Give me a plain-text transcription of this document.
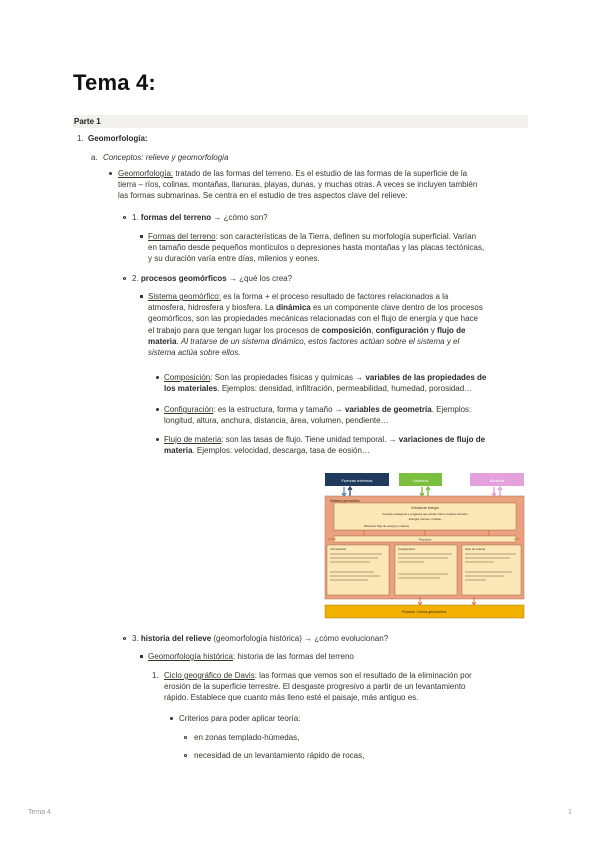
Tema 4:
Parte 1
1. Geomorfología:
a. Conceptos: relieve y geomorfologia
Geomorfología: tratado de las formas del terreno. Es el estudio de las formas de la superficie de la
tierra – ríos, colinas, montañas, llanuras, playas, dunas, y muchas otras. A veces se incluyen también
las formas submarinas. Se centra en el estudio de tres aspectos clave del relieve:
1. formas del terreno → ¿cómo son?
Formas del terreno: son características de la Tierra, definen su morfología superficial. Varían
en tamaño desde pequeños montículos o depresiones hasta montañas y las placas tectónicas,
y su duración varía entre días, milenios y eones.
2. procesos geomórficos → ¿qué los crea?
Sistema geomórfico: es la forma + el proceso resultado de factores relacionados a la
atmosfera, hidrosfera y biosfera. La dinámica es un componente clave dentro de los procesos
geomórficos, son las propiedades mecánicas relacionadas con el flujo de energía y que hace
el trabajo para que tengan lugar los procesos de composición, configuración y flujo de
materia. Al tratarse de un sistema dinámico, estos factores actúan sobre el sistema y el
sistema actúa sobre ellos.
Composición: Son las propiedades físicas y químicas → variables de las propiedades de
los materiales. Ejemplos: densidad, infiltración, permeabilidad, humedad, porosidad…
Configuración: es la estructura, forma y tamaño → variables de geometría. Ejemplos:
longitud, altura, anchura, distancia, área, volumen, pendiente…
Flujo de materia: son las tasas de flujo. Tiene unidad temporal. → variaciones de flujo de
materia. Ejemplos: velocidad, descarga, tasa de eosión…
Fuerzas externas	Litosfera	Biosfera
Sistema geomórfico
Entrada de energía
Fuerzas endógenas y exógenas que actúan sobre el relieve terrestre
Energía, fuerzas y trabajo
Dinámica: flujo de energía y materia
Procesos
Composición	Configuración	Flujo de materia
Proceso / forma geomórfica
3. historia del relieve (geomorfología histórica) → ¿cómo evolucionan?
Geomorfología histórica: historia de las formas del terreno
1. Ciclo geográfico de Davis: las formas que vemos son el resultado de la eliminación por
erosión de la superficie terrestre. El desgaste progresivo a partir de un levantamiento
rápido. Establece que cuanto más lleno esté el paisaje, más antiguo es.
Criterios para poder aplicar teoría:
en zonas templado-húmedas,
necesidad de un levantamiento rápido de rocas,
Tema 4	1
